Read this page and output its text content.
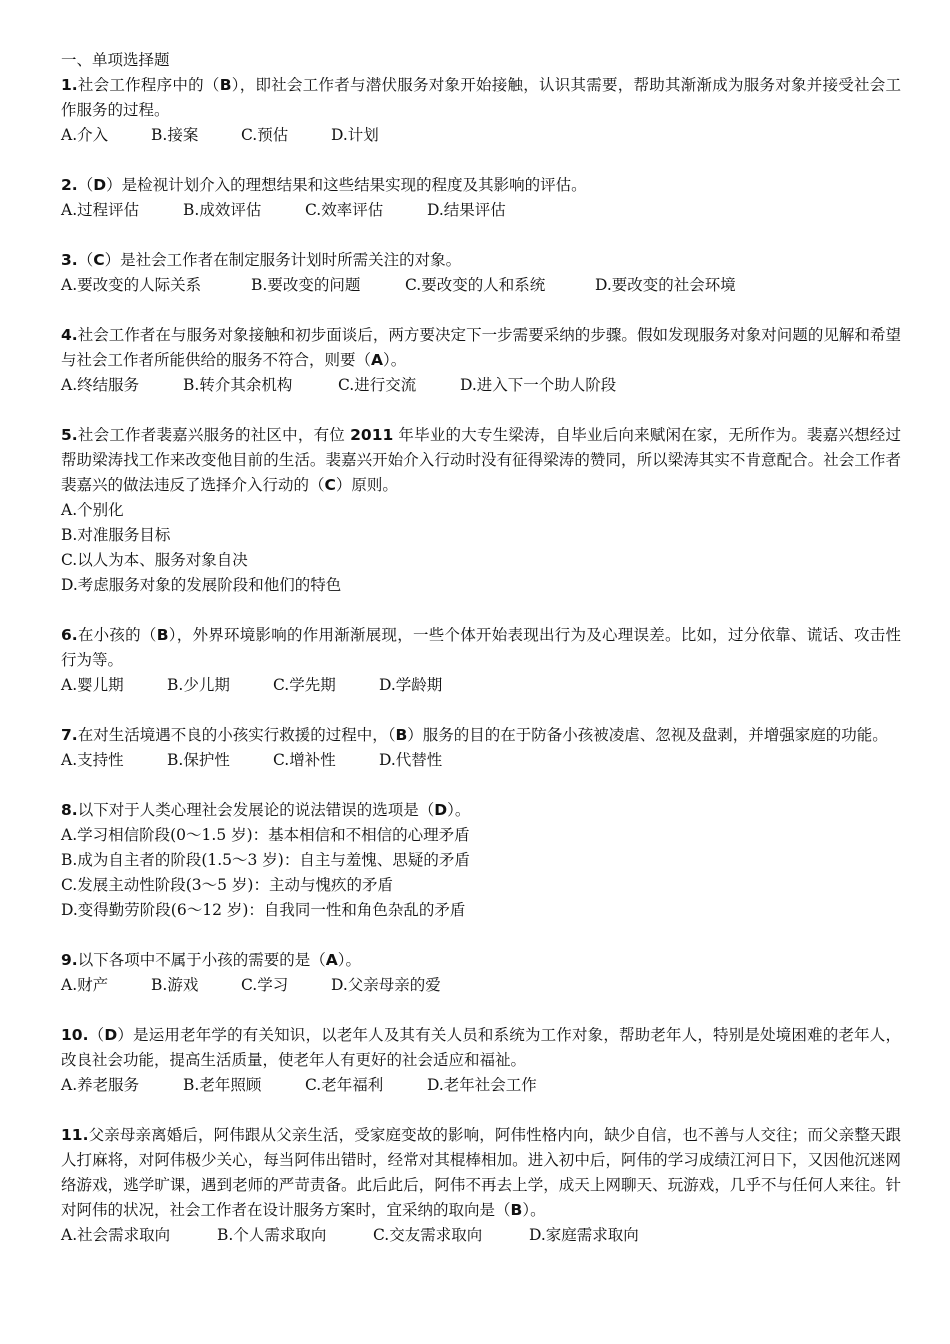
一、单项选择题
1.社会工作程序中的（B），即社会工作者与潜伏服务对象开始接触，认识其需要，帮助其渐渐成为服务对象并接受社会工作服务的过程。
A.介入	B.接案	C.预估	D.计划
2.（D）是检视计划介入的理想结果和这些结果实现的程度及其影响的评估。
A.过程评估	B.成效评估	C.效率评估	D.结果评估
3.（C）是社会工作者在制定服务计划时所需关注的对象。
A.要改变的人际关系	B.要改变的问题	C.要改变的人和系统	D.要改变的社会环境
4.社会工作者在与服务对象接触和初步面谈后，两方要决定下一步需要采纳的步骤。假如发现服务对象对问题的见解和希望与社会工作者所能供给的服务不符合，则要（A）。
A.终结服务	B.转介其余机构	C.进行交流	D.进入下一个助人阶段
5.社会工作者裴嘉兴服务的社区中，有位 2011 年毕业的大专生梁涛，自毕业后向来赋闲在家，无所作为。裴嘉兴想经过帮助梁涛找工作来改变他目前的生活。裴嘉兴开始介入行动时没有征得梁涛的赞同，所以梁涛其实不肯意配合。社会工作者裴嘉兴的做法违反了选择介入行动的（C）原则。
A.个别化
B.对准服务目标
C.以人为本、服务对象自决
D.考虑服务对象的发展阶段和他们的特色
6.在小孩的（B），外界环境影响的作用渐渐展现，一些个体开始表现出行为及心理误差。比如，过分依靠、谎话、攻击性行为等。
A.婴儿期	B.少儿期	C.学先期	D.学龄期
7.在对生活境遇不良的小孩实行救援的过程中，（B）服务的目的在于防备小孩被凌虐、忽视及盘剥，并增强家庭的功能。
A.支持性	B.保护性	C.增补性	D.代替性
8.以下对于人类心理社会发展论的说法错误的选项是（D）。
A.学习相信阶段(0～1.5 岁)：基本相信和不相信的心理矛盾
B.成为自主者的阶段(1.5～3 岁)：自主与羞愧、思疑的矛盾
C.发展主动性阶段(3～5 岁)：主动与愧疚的矛盾
D.变得勤劳阶段(6～12 岁)：自我同一性和角色杂乱的矛盾
9.以下各项中不属于小孩的需要的是（A）。
A.财产	B.游戏	C.学习	D.父亲母亲的爱
10.（D）是运用老年学的有关知识，以老年人及其有关人员和系统为工作对象，帮助老年人，特别是处境困难的老年人，改良社会功能，提高生活质量，使老年人有更好的社会适应和福祉。
A.养老服务	B.老年照顾	C.老年福利	D.老年社会工作
11.父亲母亲离婚后，阿伟跟从父亲生活，受家庭变故的影响，阿伟性格内向，缺少自信，也不善与人交往；而父亲整天跟人打麻将，对阿伟极少关心，每当阿伟出错时，经常对其棍棒相加。进入初中后，阿伟的学习成绩江河日下，又因他沉迷网络游戏，逃学旷课，遇到老师的严苛责备。此后此后，阿伟不再去上学，成天上网聊天、玩游戏，几乎不与任何人来往。针对阿伟的状况，社会工作者在设计服务方案时，宜采纳的取向是（B）。
A.社会需求取向	B.个人需求取向	C.交友需求取向	D.家庭需求取向
